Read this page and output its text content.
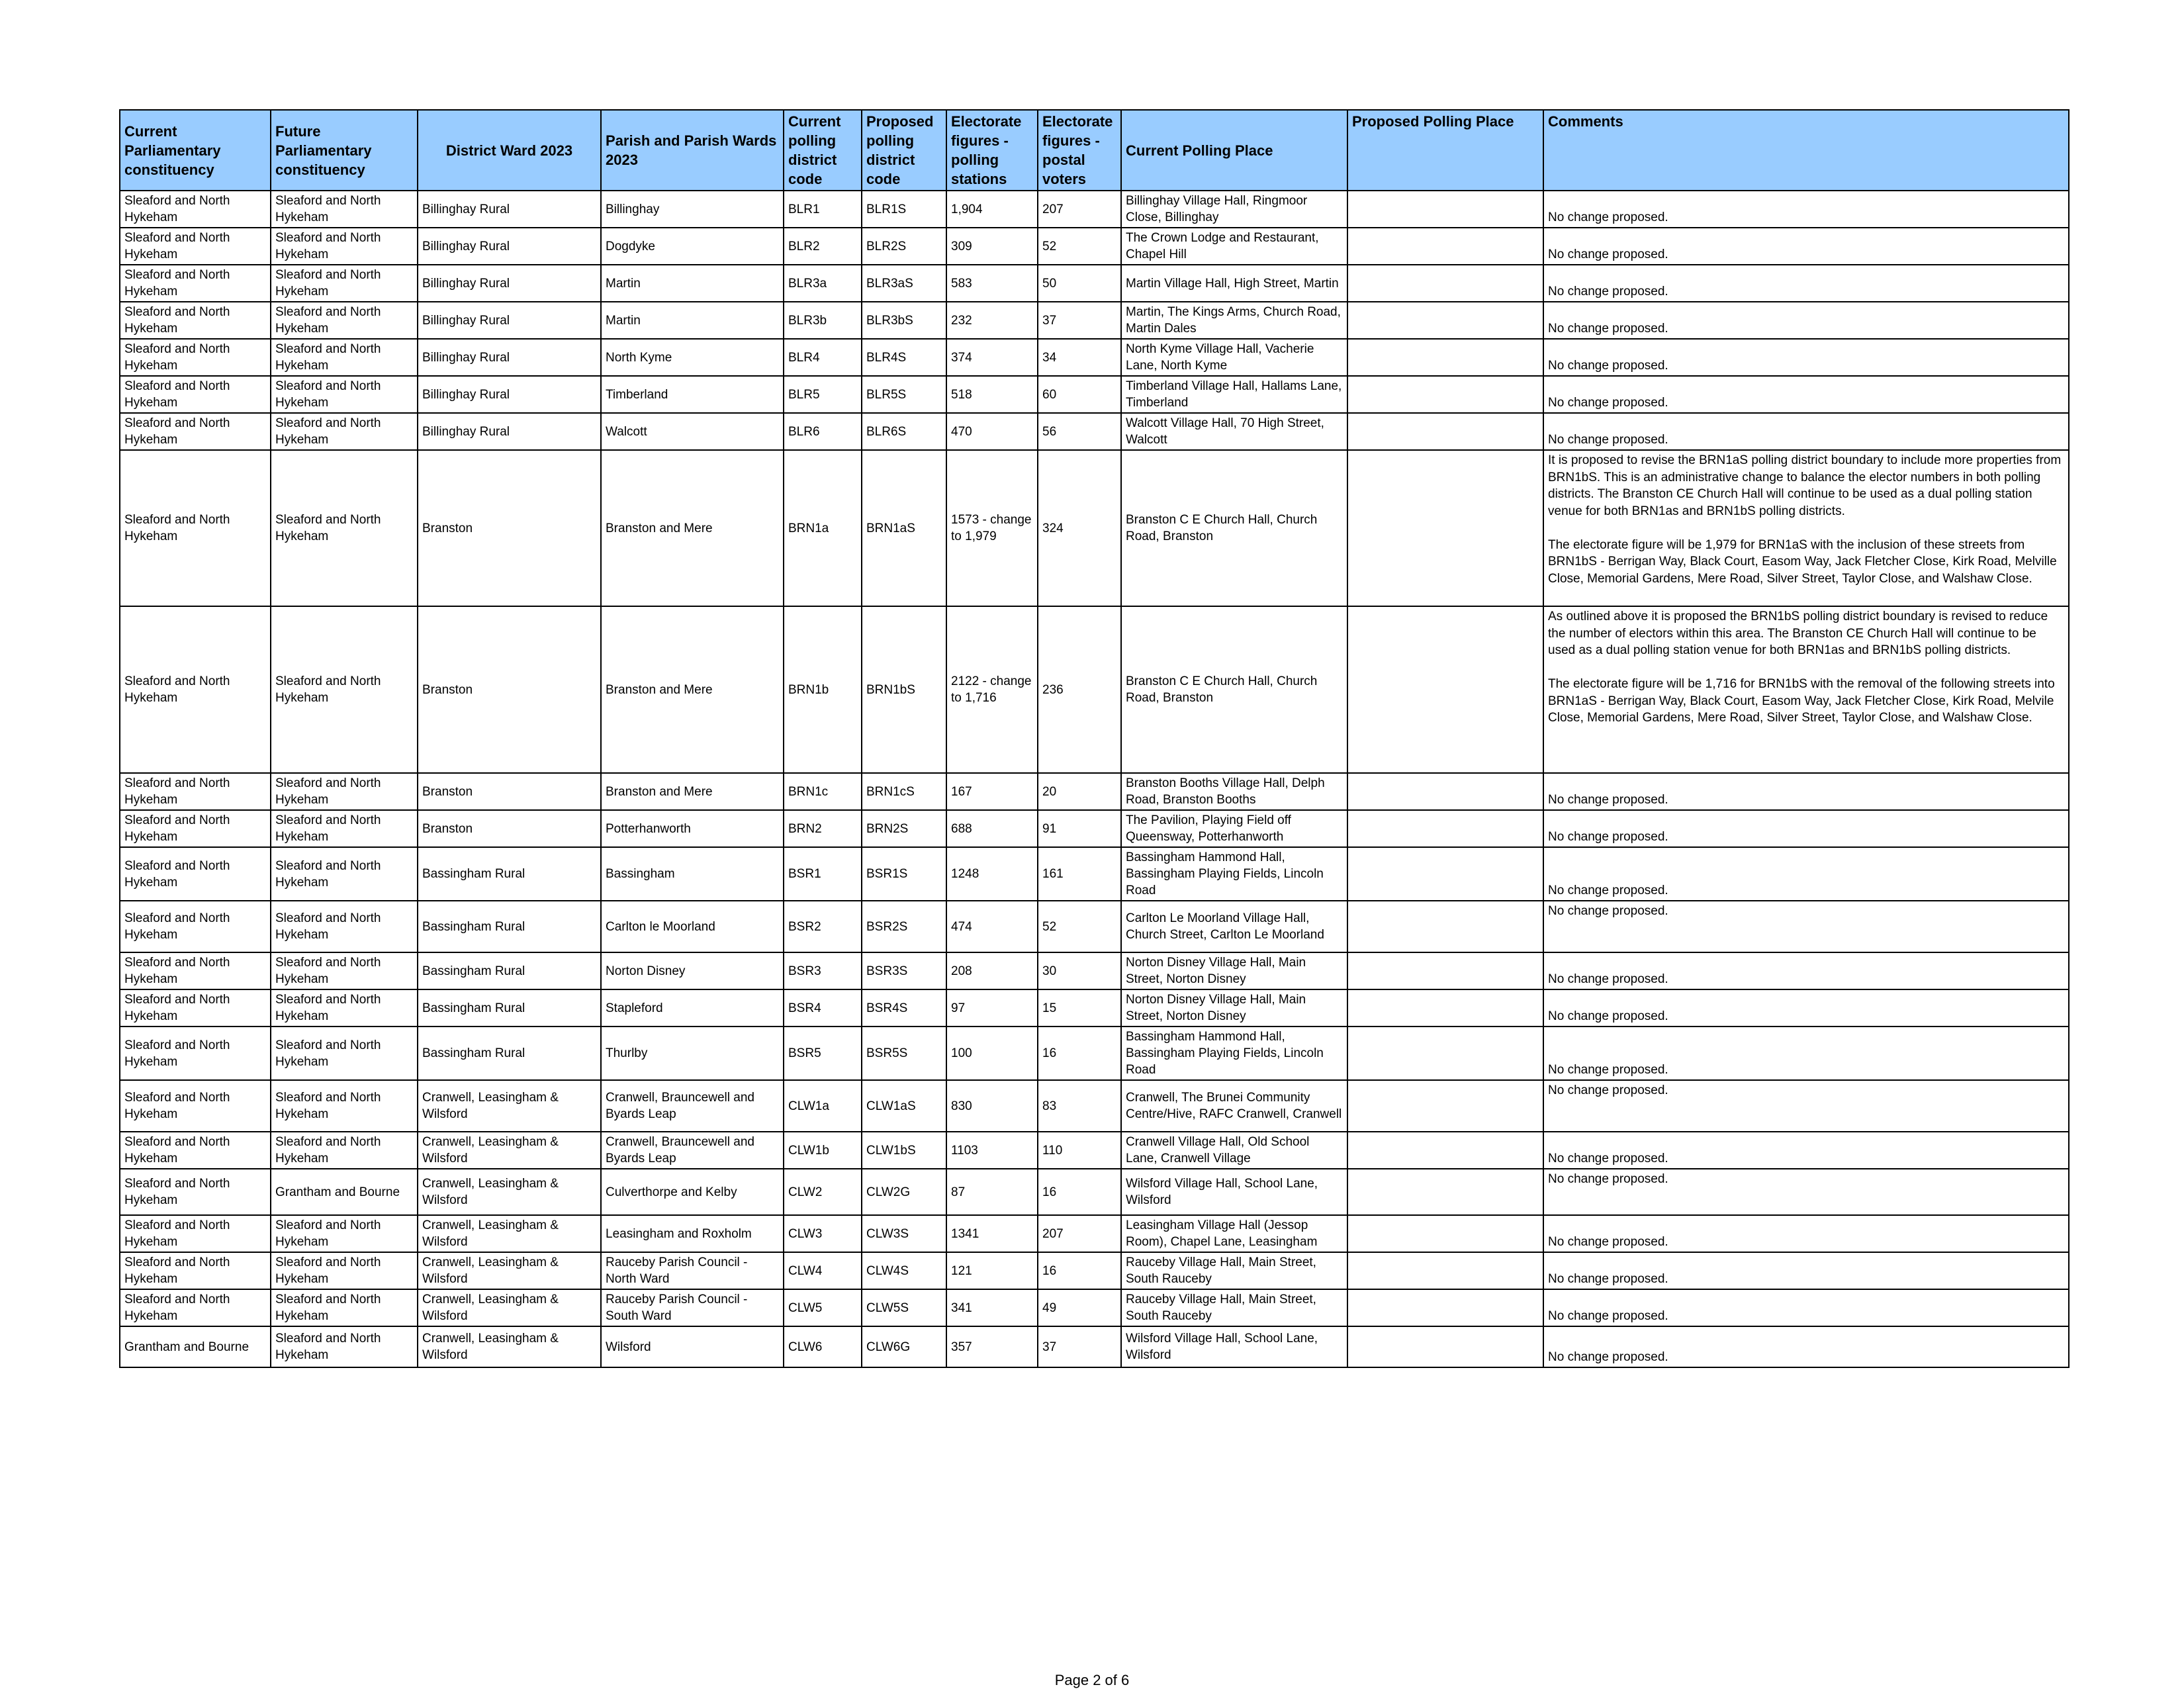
Current Parliamentary constituency	Future Parliamentary constituency	District Ward 2023	Parish and Parish Wards 2023	Current polling district code	Proposed polling district code	Electorate figures - polling stations	Electorate figures - postal voters	Current Polling Place	Proposed Polling Place	Comments
Sleaford and North Hykeham	Sleaford and North Hykeham	Billinghay Rural	Billinghay	BLR1	BLR1S	1,904	207	Billinghay Village Hall, Ringmoor Close, Billinghay		No change proposed.
Sleaford and North Hykeham	Sleaford and North Hykeham	Billinghay Rural	Dogdyke	BLR2	BLR2S	309	52	The Crown Lodge and Restaurant, Chapel Hill		No change proposed.
Sleaford and North Hykeham	Sleaford and North Hykeham	Billinghay Rural	Martin	BLR3a	BLR3aS	583	50	Martin Village Hall, High Street, Martin		No change proposed.
Sleaford and North Hykeham	Sleaford and North Hykeham	Billinghay Rural	Martin	BLR3b	BLR3bS	232	37	Martin, The Kings Arms, Church Road, Martin Dales		No change proposed.
Sleaford and North Hykeham	Sleaford and North Hykeham	Billinghay Rural	North Kyme	BLR4	BLR4S	374	34	North Kyme Village Hall, Vacherie Lane, North Kyme		No change proposed.
Sleaford and North Hykeham	Sleaford and North Hykeham	Billinghay Rural	Timberland	BLR5	BLR5S	518	60	Timberland Village Hall, Hallams Lane, Timberland		No change proposed.
Sleaford and North Hykeham	Sleaford and North Hykeham	Billinghay Rural	Walcott	BLR6	BLR6S	470	56	Walcott Village Hall, 70 High Street, Walcott		No change proposed.
Sleaford and North Hykeham	Sleaford and North Hykeham	Branston	Branston and Mere	BRN1a	BRN1aS	1573 - change to 1,979	324	Branston C E Church Hall, Church Road, Branston		It is proposed to revise the BRN1aS polling district boundary to include more properties from BRN1bS. This is an administrative change to balance the elector numbers in both polling districts. The Branston CE Church Hall will continue to be used as a dual polling station venue for both BRN1as and BRN1bS polling districts.

The electorate figure will be 1,979 for BRN1aS with the inclusion of these streets from BRN1bS - Berrigan Way, Black Court, Easom Way, Jack Fletcher Close, Kirk Road, Melville Close, Memorial Gardens, Mere Road, Silver Street, Taylor Close, and Walshaw Close.
Sleaford and North Hykeham	Sleaford and North Hykeham	Branston	Branston and Mere	BRN1b	BRN1bS	2122 - change to 1,716	236	Branston C E Church Hall, Church Road, Branston		As outlined above it is proposed the BRN1bS polling district boundary is revised to reduce the number of electors within this area. The Branston CE Church Hall will continue to be used as a dual polling station venue for both BRN1as and BRN1bS polling districts.

The electorate figure will be 1,716 for BRN1bS with the removal of the following streets into BRN1aS - Berrigan Way, Black Court, Easom Way, Jack Fletcher Close, Kirk Road, Melvile Close, Memorial Gardens, Mere Road, Silver Street, Taylor Close, and Walshaw Close.
Sleaford and North Hykeham	Sleaford and North Hykeham	Branston	Branston and Mere	BRN1c	BRN1cS	167	20	Branston Booths Village Hall, Delph Road, Branston Booths		No change proposed.
Sleaford and North Hykeham	Sleaford and North Hykeham	Branston	Potterhanworth	BRN2	BRN2S	688	91	The Pavilion, Playing Field off Queensway, Potterhanworth		No change proposed.
Sleaford and North Hykeham	Sleaford and North Hykeham	Bassingham Rural	Bassingham	BSR1	BSR1S	1248	161	Bassingham Hammond Hall, Bassingham Playing Fields, Lincoln Road		No change proposed.
Sleaford and North Hykeham	Sleaford and North Hykeham	Bassingham Rural	Carlton le Moorland	BSR2	BSR2S	474	52	Carlton Le Moorland Village Hall, Church Street, Carlton Le Moorland		No change proposed.
Sleaford and North Hykeham	Sleaford and North Hykeham	Bassingham Rural	Norton Disney	BSR3	BSR3S	208	30	Norton Disney Village Hall, Main Street, Norton Disney		No change proposed.
Sleaford and North Hykeham	Sleaford and North Hykeham	Bassingham Rural	Stapleford	BSR4	BSR4S	97	15	Norton Disney Village Hall, Main Street, Norton Disney		No change proposed.
Sleaford and North Hykeham	Sleaford and North Hykeham	Bassingham Rural	Thurlby	BSR5	BSR5S	100	16	Bassingham Hammond Hall, Bassingham Playing Fields, Lincoln Road		No change proposed.
Sleaford and North Hykeham	Sleaford and North Hykeham	Cranwell, Leasingham & Wilsford	Cranwell, Brauncewell and Byards Leap	CLW1a	CLW1aS	830	83	Cranwell, The Brunei Community Centre/Hive, RAFC Cranwell, Cranwell		No change proposed.
Sleaford and North Hykeham	Sleaford and North Hykeham	Cranwell, Leasingham & Wilsford	Cranwell, Brauncewell and Byards Leap	CLW1b	CLW1bS	1103	110	Cranwell Village Hall, Old School Lane, Cranwell Village		No change proposed.
Sleaford and North Hykeham	Grantham and Bourne	Cranwell, Leasingham & Wilsford	Culverthorpe and Kelby	CLW2	CLW2G	87	16	Wilsford Village Hall, School Lane, Wilsford		No change proposed.
Sleaford and North Hykeham	Sleaford and North Hykeham	Cranwell, Leasingham & Wilsford	Leasingham and Roxholm	CLW3	CLW3S	1341	207	Leasingham Village Hall (Jessop Room), Chapel Lane, Leasingham		No change proposed.
Sleaford and North Hykeham	Sleaford and North Hykeham	Cranwell, Leasingham & Wilsford	Rauceby Parish Council - North Ward	CLW4	CLW4S	121	16	Rauceby Village Hall, Main Street, South Rauceby		No change proposed.
Sleaford and North Hykeham	Sleaford and North Hykeham	Cranwell, Leasingham & Wilsford	Rauceby Parish Council - South Ward	CLW5	CLW5S	341	49	Rauceby Village Hall, Main Street, South Rauceby		No change proposed.
Grantham and Bourne	Sleaford and North Hykeham	Cranwell, Leasingham & Wilsford	Wilsford	CLW6	CLW6G	357	37	Wilsford Village Hall, School Lane, Wilsford		No change proposed.
Page 2 of 6
